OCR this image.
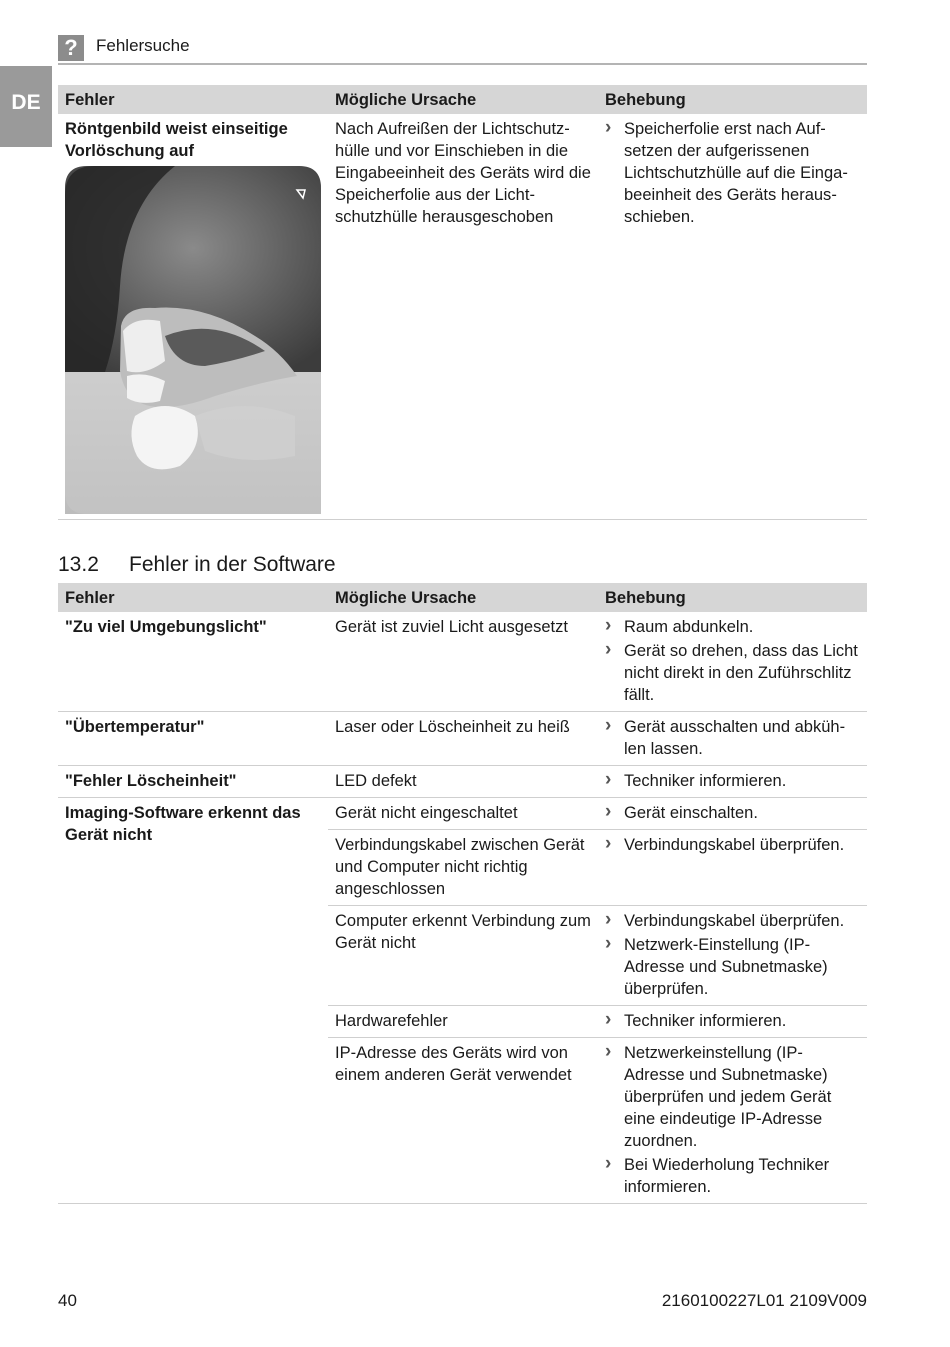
?	Fehlersuche
DE	Fehler	Mögliche Ursache	Behebung

Röntgenbild weist einseitige Vorlöschung auf	Nach Aufreißen der Lichtschutzhülle und vor Einschieben in die Eingabeeinheit des Geräts wird die Speicherfolie aus der Lichtschutzhülle herausgeschoben	› Speicherfolie erst nach Aufsetzen der aufgerissenen Lichtschutzhülle auf die Eingabeeinheit des Geräts herausschieben.
13.2 Fehler in der Software
Fehler	Mögliche Ursache	Behebung
"Zu viel Umgebungslicht"	Gerät ist zuviel Licht ausgesetzt	› Raum abdunkeln.
› Gerät so drehen, dass das Licht nicht direkt in den Zuführschlitz fällt.

"Übertemperatur"	Laser oder Löscheinheit zu heiß	› Gerät ausschalten und abkühlen lassen.

"Fehler Löscheinheit"	LED defekt	› Techniker informieren.

Imaging-Software erkennt das Gerät nicht	Gerät nicht eingeschaltet	› Gerät einschalten.

	Verbindungskabel zwischen Gerät und Computer nicht richtig angeschlossen	› Verbindungskabel überprüfen.

	Computer erkennt Verbindung zum Gerät nicht	› Verbindungskabel überprüfen.
› Netzwerk-Einstellung (IP-Adresse und Subnetmaske) überprüfen.

	Hardwarefehler	› Techniker informieren.

	IP-Adresse des Geräts wird von einem anderen Gerät verwendet	› Netzwerkeinstellung (IP-Adresse und Subnetmaske) überprüfen und jedem Gerät eine eindeutige IP-Adresse zuordnen.
› Bei Wiederholung Techniker informieren.
40	2160100227L01 2109V009
